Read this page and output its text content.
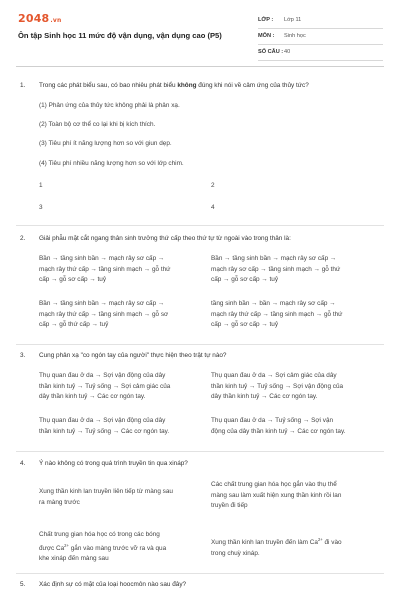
2048.vn
Ôn tập Sinh học 11 mức độ vận dụng, vận dụng cao (P5)
LỚP : Lớp 11
MÔN : Sinh học
SỐ CÂU : 40
1. Trong các phát biểu sau, có bao nhiêu phát biểu không đúng khi nói về cảm ứng của thủy tức?
(1) Phản ứng của thủy tức không phải là phản xạ.
(2) Toàn bộ cơ thể co lại khi bị kích thích.
(3) Tiêu phí ít năng lượng hơn so với giun dẹp.
(4) Tiêu phí nhiều năng lượng hơn so với lớp chim.
1	2
3	4
2. Giải phẫu mặt cắt ngang thân sinh trưởng thứ cấp theo thứ tự từ ngoài vào trong thân là:
Bần → tầng sinh bần → mạch rây sơ cấp →
mạch rây thứ cấp → tầng sinh mạch → gỗ thứ
cấp → gỗ sơ cấp → tuỷ
Bần → tầng sinh bần → mạch rây sơ cấp →
mạch rây sơ cấp → tầng sinh mạch → gỗ thứ
cấp → gỗ sơ cấp → tuỷ
Bần → tầng sinh bần → mạch rây sơ cấp →
mạch rây thứ cấp → tầng sinh mạch → gỗ sơ
cấp → gỗ thứ cấp → tuỷ
tầng sinh bần → bần → mạch rây sơ cấp →
mạch rây thứ cấp → tầng sinh mạch → gỗ thứ
cấp → gỗ sơ cấp → tuỷ
3. Cung phản xạ "co ngón tay của người" thực hiện theo trật tự nào?
Thụ quan đau ở da → Sợi vận động của dây
thần kinh tuỷ → Tuỷ sống → Sợi cảm giác của
dây thần kinh tuỷ → Các cơ ngón tay.
Thụ quan đau ở da → Sợi cảm giác của dây
thần kinh tuỷ → Tuỷ sống → Sợi vận động của
dây thần kinh tuỷ → Các cơ ngón tay.
Thụ quan đau ở da → Sợi vận động của dây
thần kinh tuỷ → Tuỷ sống → Các cơ ngón tay.
Thụ quan đau ở da → Tuỷ sống → Sợi vận
động của dây thần kinh tuỷ → Các cơ ngón tay.
4. Ý nào không có trong quá trình truyền tin qua xináp?
Xung thần kinh lan truyền liên tiếp từ màng sau
ra màng trước
Các chất trung gian hóa học gắn vào thụ thể
màng sau làm xuất hiện xung thần kinh rồi lan
truyền đi tiếp
Chất trung gian hóa học có trong các bóng
được $Ca^{2+}$ gắn vào màng trước vỡ ra và qua
khe xináp đến màng sau
Xung thần kinh lan truyền đến làm $Ca^{2+}$ đi vào
trong chuỳ xináp.
5. Xác định sự có mặt của loại hoocmôn nào sau đây?
